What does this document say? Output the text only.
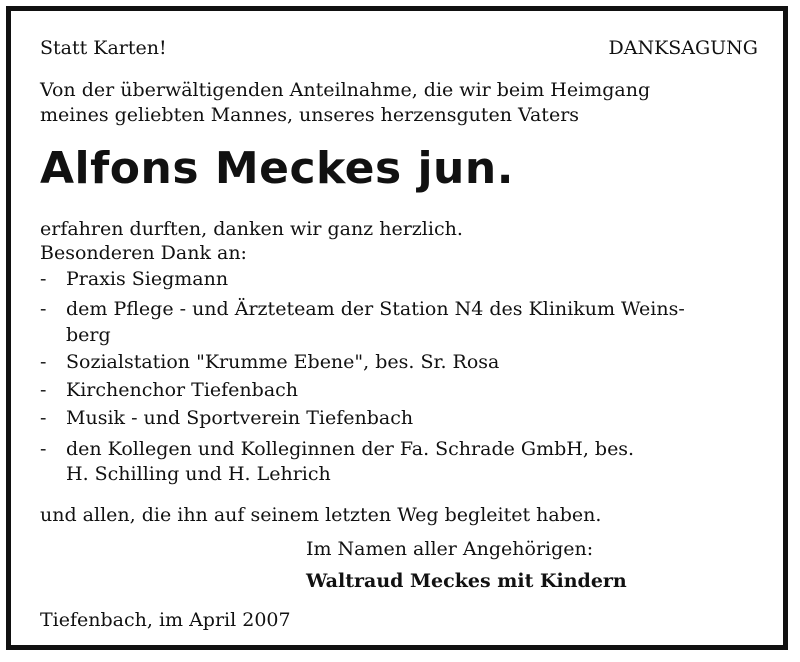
Statt Karten!	DANKSAGUNG
Von der überwältigenden Anteilnahme, die wir beim Heimgang
meines geliebten Mannes, unseres herzensguten Vaters
Alfons Meckes jun.
erfahren durften, danken wir ganz herzlich.
Besonderen Dank an:
- Praxis Siegmann
- dem Pflege - und Ärzteteam der Station N4 des Klinikum Weins-
berg
- Sozialstation "Krumme Ebene", bes. Sr. Rosa
- Kirchenchor Tiefenbach
- Musik - und Sportverein Tiefenbach
- den Kollegen und Kolleginnen der Fa. Schrade GmbH, bes.
H. Schilling und H. Lehrich
und allen, die ihn auf seinem letzten Weg begleitet haben.
Im Namen aller Angehörigen:
Waltraud Meckes mit Kindern
Tiefenbach, im April 2007
